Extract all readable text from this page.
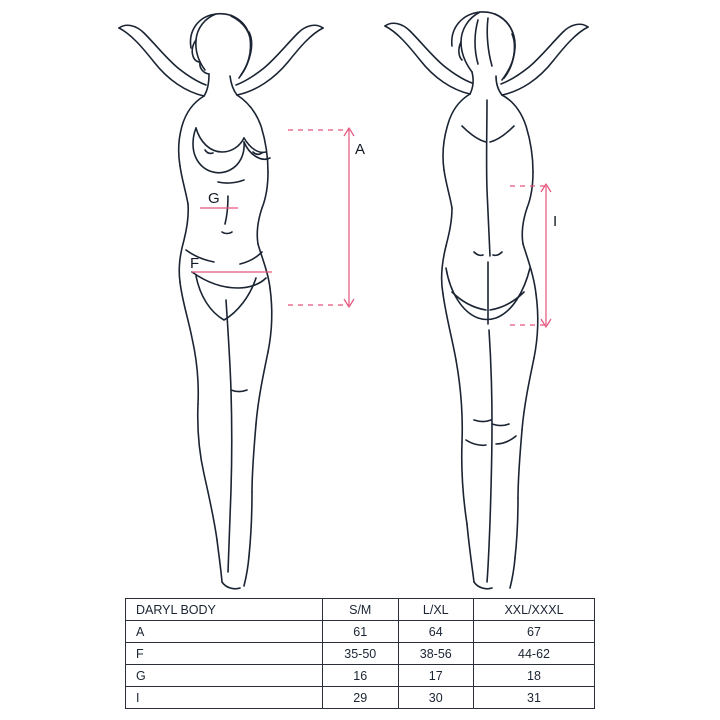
A
G
F
I
DARYL BODY	S/M	L/XL	XXL/XXXL
A	61	64	67
F	35-50	38-56	44-62
G	16	17	18
I	29	30	31
